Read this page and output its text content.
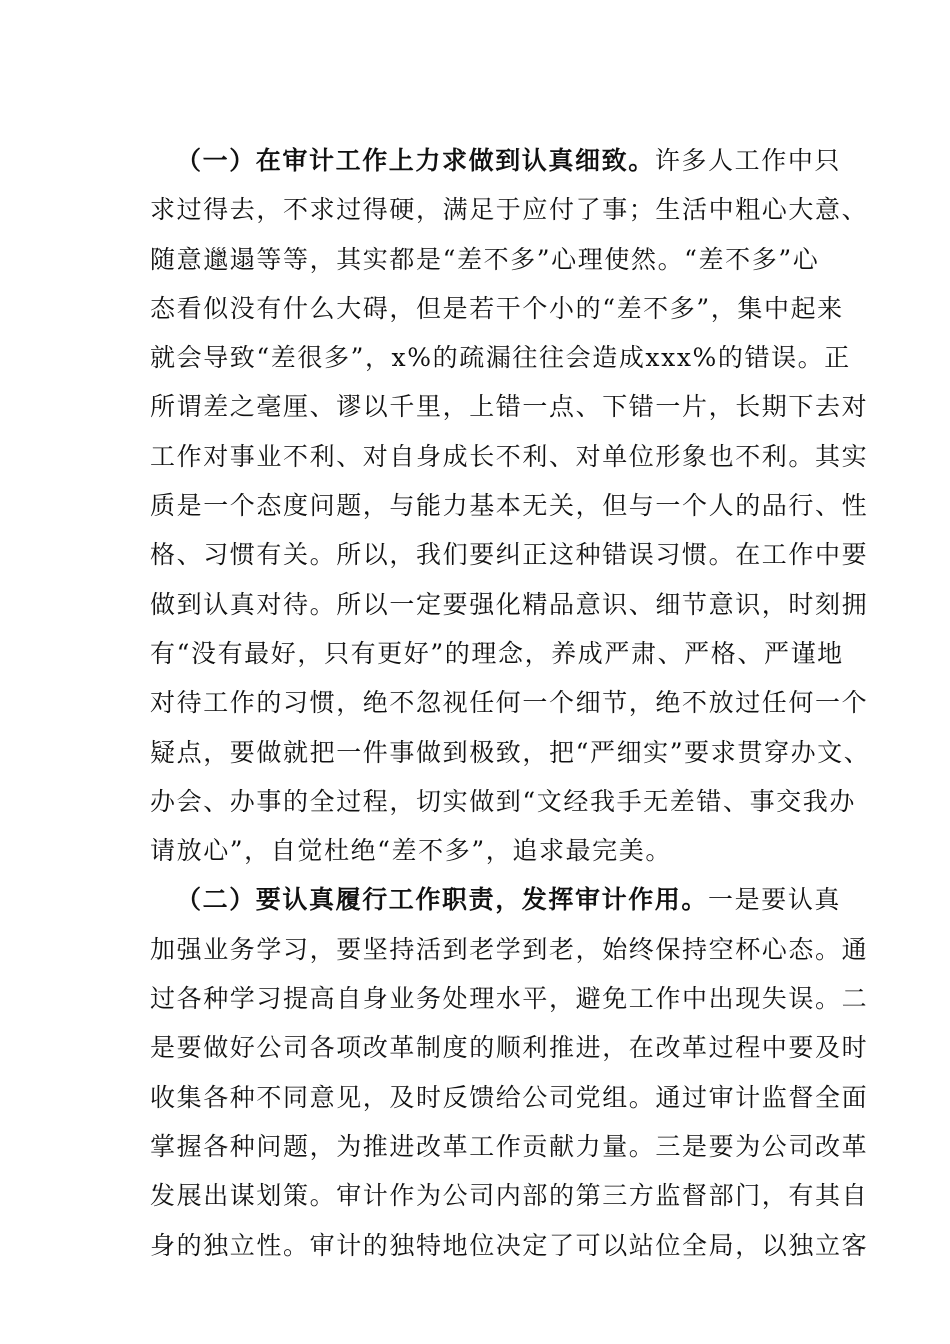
（一）在审计工作上力求做到认真细致。许多人工作中只
求过得去，不求过得硬，满足于应付了事；生活中粗心大意、
随意邋遢等等，其实都是“差不多”心理使然。“差不多”心
态看似没有什么大碍，但是若干个小的“差不多”，集中起来
就会导致“差很多”，x%的疏漏往往会造成xxx%的错误。正
所谓差之毫厘、谬以千里，上错一点、下错一片，长期下去对
工作对事业不利、对自身成长不利、对单位形象也不利。其实
质是一个态度问题，与能力基本无关，但与一个人的品行、性
格、习惯有关。所以，我们要纠正这种错误习惯。在工作中要
做到认真对待。所以一定要强化精品意识、细节意识，时刻拥
有“没有最好，只有更好”的理念，养成严肃、严格、严谨地
对待工作的习惯，绝不忽视任何一个细节，绝不放过任何一个
疑点，要做就把一件事做到极致，把“严细实”要求贯穿办文、
办会、办事的全过程，切实做到“文经我手无差错、事交我办
请放心”，自觉杜绝“差不多”，追求最完美。
（二）要认真履行工作职责，发挥审计作用。一是要认真
加强业务学习，要坚持活到老学到老，始终保持空杯心态。通
过各种学习提高自身业务处理水平，避免工作中出现失误。二
是要做好公司各项改革制度的顺利推进，在改革过程中要及时
收集各种不同意见，及时反馈给公司党组。通过审计监督全面
掌握各种问题，为推进改革工作贡献力量。三是要为公司改革
发展出谋划策。审计作为公司内部的第三方监督部门，有其自
身的独立性。审计的独特地位决定了可以站位全局，以独立客
